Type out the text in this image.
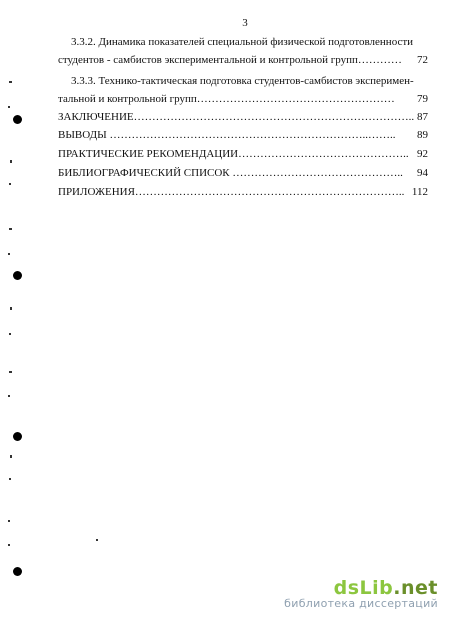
3
3.3.2. Динамика показателей специальной физической подготовленности
студентов - самбистов экспериментальной и контрольной групп…………	72
3.3.3. Технико-тактическая подготовка студентов-самбистов эксперимен-
тальной и контрольной групп………………………………………………	79
ЗАКЛЮЧЕНИЕ………………………………………………………………….. 87
ВЫВОДЫ ……………………………………………………………..……..	89
ПРАКТИЧЕСКИЕ РЕКОМЕНДАЦИИ……………………………………….. 92
БИБЛИОГРАФИЧЕСКИЙ СПИСОК ………………………………………..	94
ПРИЛОЖЕНИЯ……………………………………………………………….. 112
dsLib.net
библиотека диссертаций
